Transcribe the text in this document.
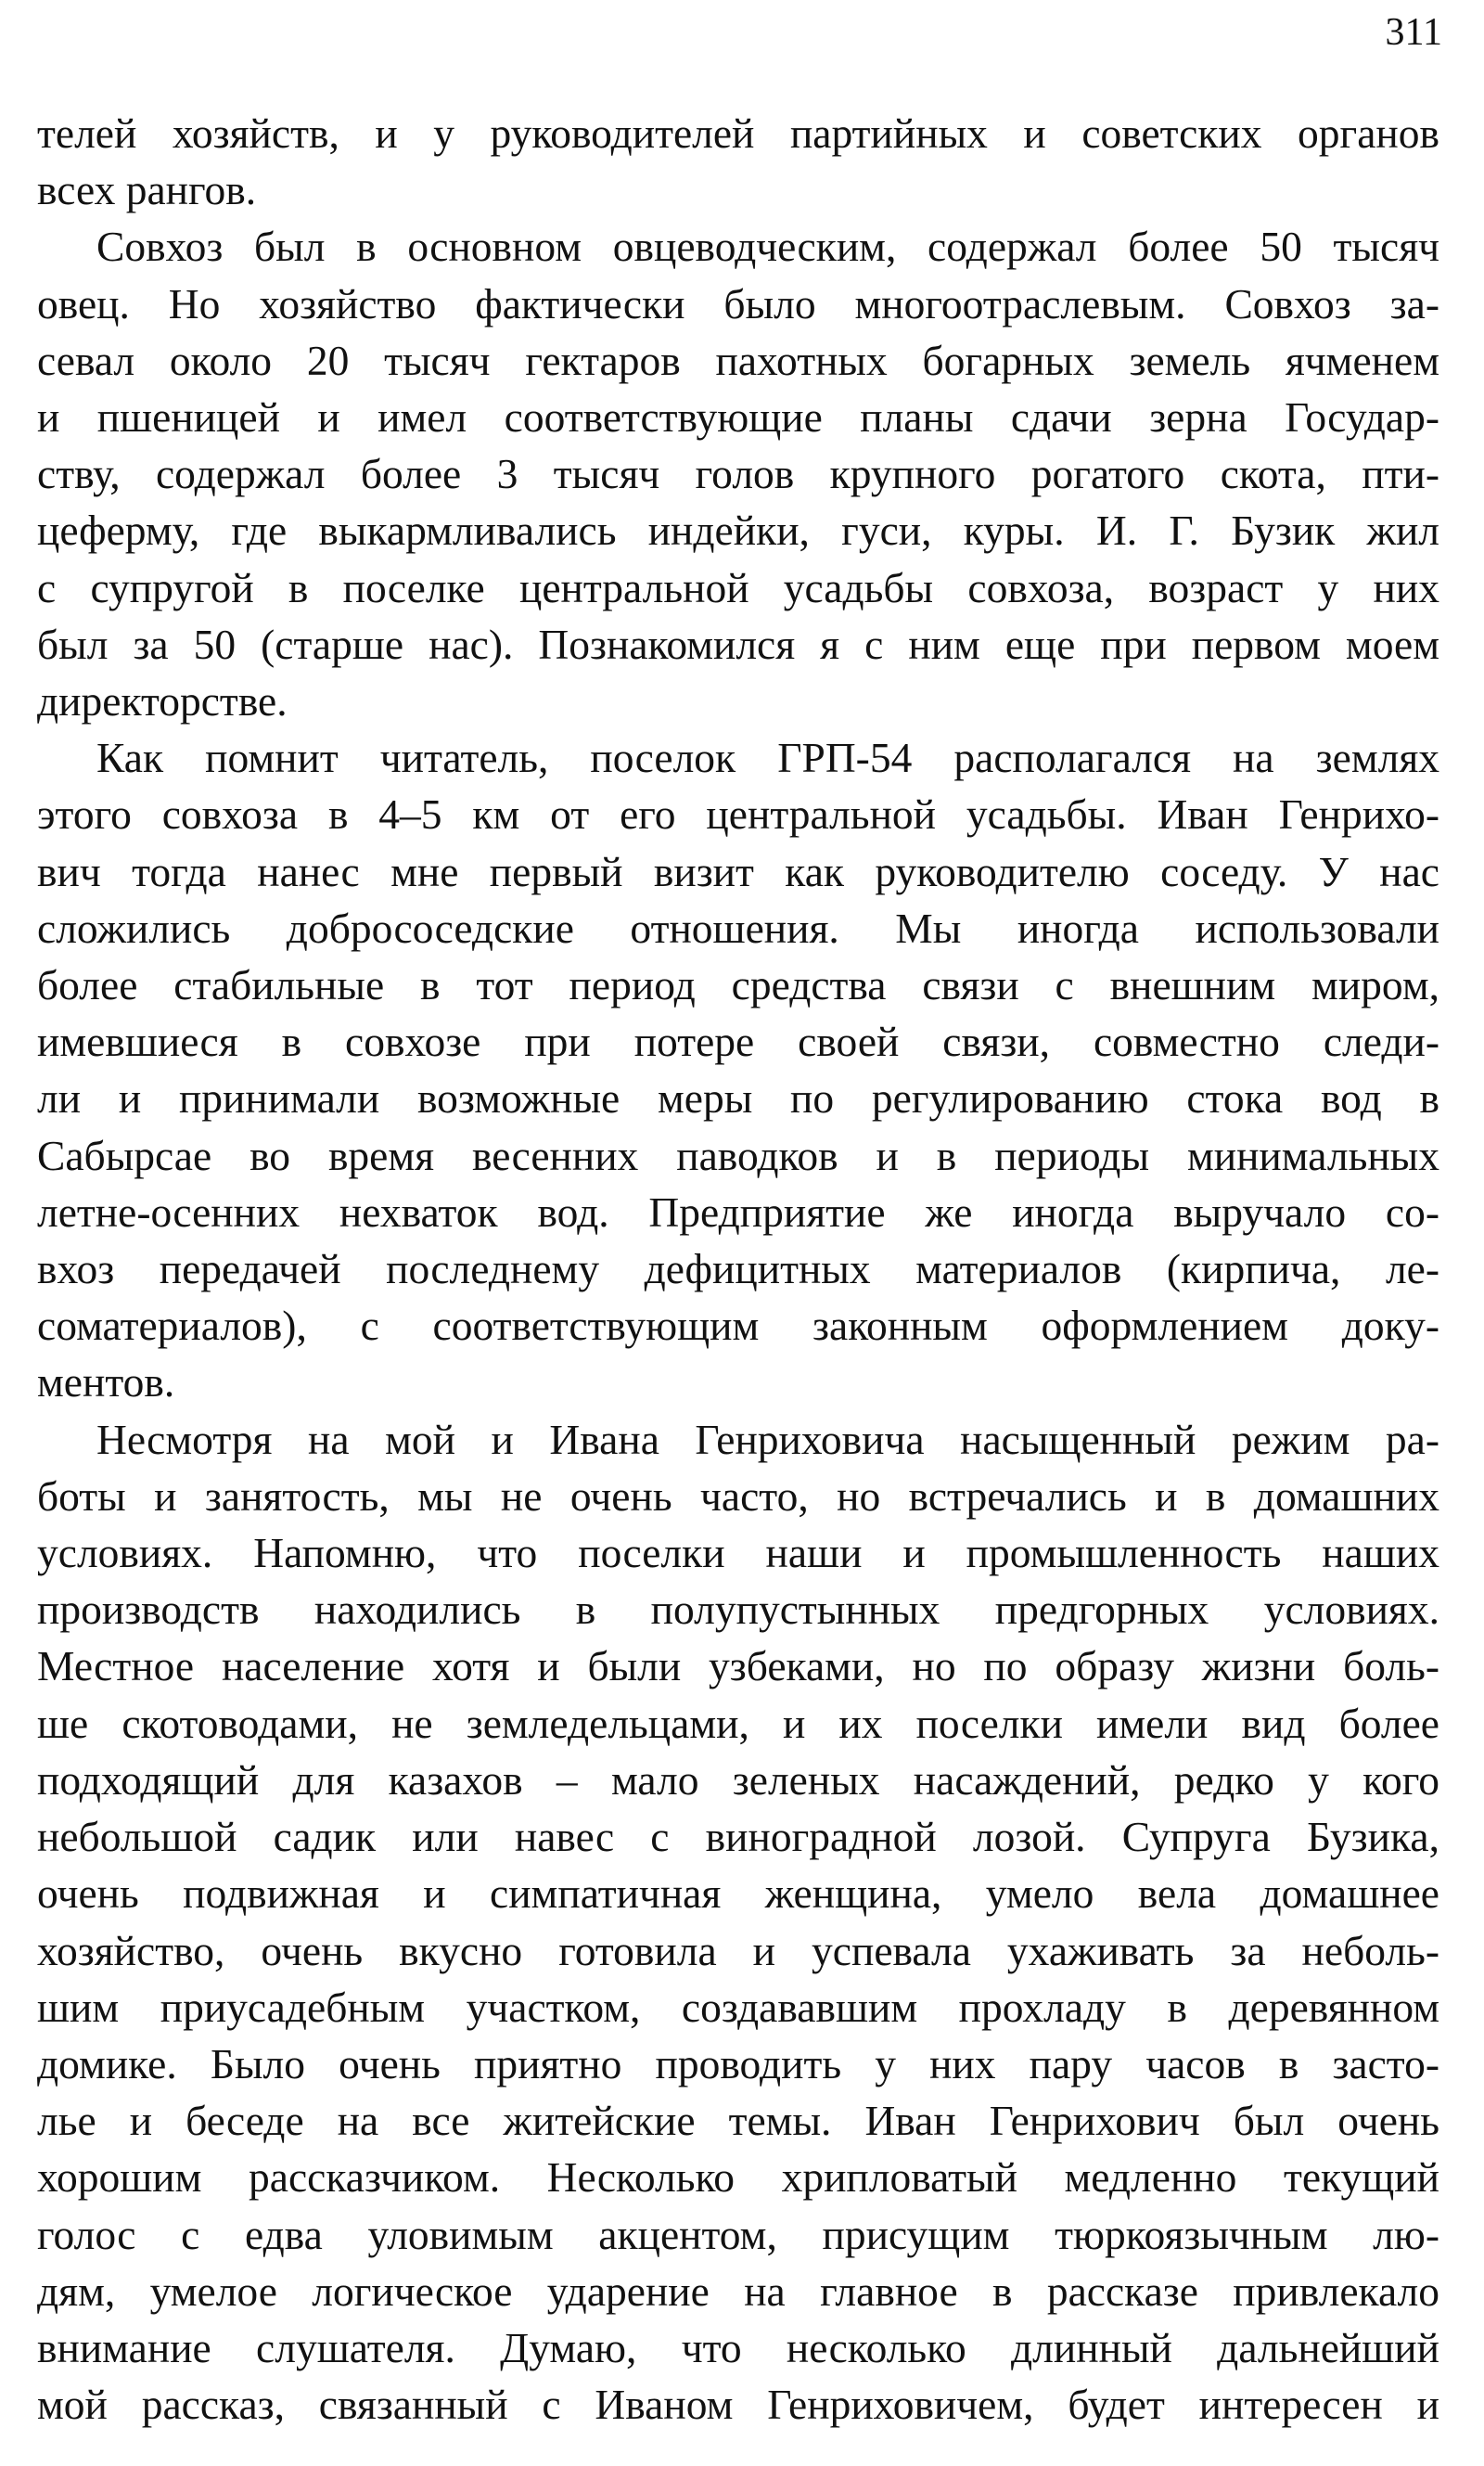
311

телей хозяйств, и у руководителей партийных и советских органов
всех рангов.

Совхоз был в основном овцеводческим, содержал более 50 тысяч
овец. Но хозяйство фактически было многоотраслевым. Совхоз за-
севал около 20 тысяч гектаров пахотных богарных земель ячменем
и пшеницей и имел соответствующие планы сдачи зерна Государ-
ству, содержал более 3 тысяч голов крупного рогатого скота, пти-
цеферму, где выкармливались индейки, гуси, куры. И. Г. Бузик жил
с супругой в поселке центральной усадьбы совхоза, возраст у них
был за 50 (старше нас). Познакомился я с ним еще при первом моем
директорстве.

Как помнит читатель, поселок ГРП-54 располагался на землях
этого совхоза в 4–5 км от его центральной усадьбы. Иван Генрихо-
вич тогда нанес мне первый визит как руководителю соседу. У нас
сложились добрососедские отношения. Мы иногда использовали
более стабильные в тот период средства связи с внешним миром,
имевшиеся в совхозе при потере своей связи, совместно следи-
ли и принимали возможные меры по регулированию стока вод в
Сабырсае во время весенних паводков и в периоды минимальных
летне-осенних нехваток вод. Предприятие же иногда выручало со-
вхоз передачей последнему дефицитных материалов (кирпича, ле-
соматериалов), с соответствующим законным оформлением доку-
ментов.

Несмотря на мой и Ивана Генриховича насыщенный режим ра-
боты и занятость, мы не очень часто, но встречались и в домашних
условиях. Напомню, что поселки наши и промышленность наших
производств находились в полупустынных предгорных условиях.
Местное население хотя и были узбеками, но по образу жизни боль-
ше скотоводами, не земледельцами, и их поселки имели вид более
подходящий для казахов – мало зеленых насаждений, редко у кого
небольшой садик или навес с виноградной лозой. Супруга Бузика,
очень подвижная и симпатичная женщина, умело вела домашнее
хозяйство, очень вкусно готовила и успевала ухаживать за неболь-
шим приусадебным участком, создававшим прохладу в деревянном
домике. Было очень приятно проводить у них пару часов в засто-
лье и беседе на все житейские темы. Иван Генрихович был очень
хорошим рассказчиком. Несколько хрипловатый медленно текущий
голос с едва уловимым акцентом, присущим тюркоязычным лю-
дям, умелое логическое ударение на главное в рассказе привлекало
внимание слушателя. Думаю, что несколько длинный дальнейший
мой рассказ, связанный с Иваном Генриховичем, будет интересен и
